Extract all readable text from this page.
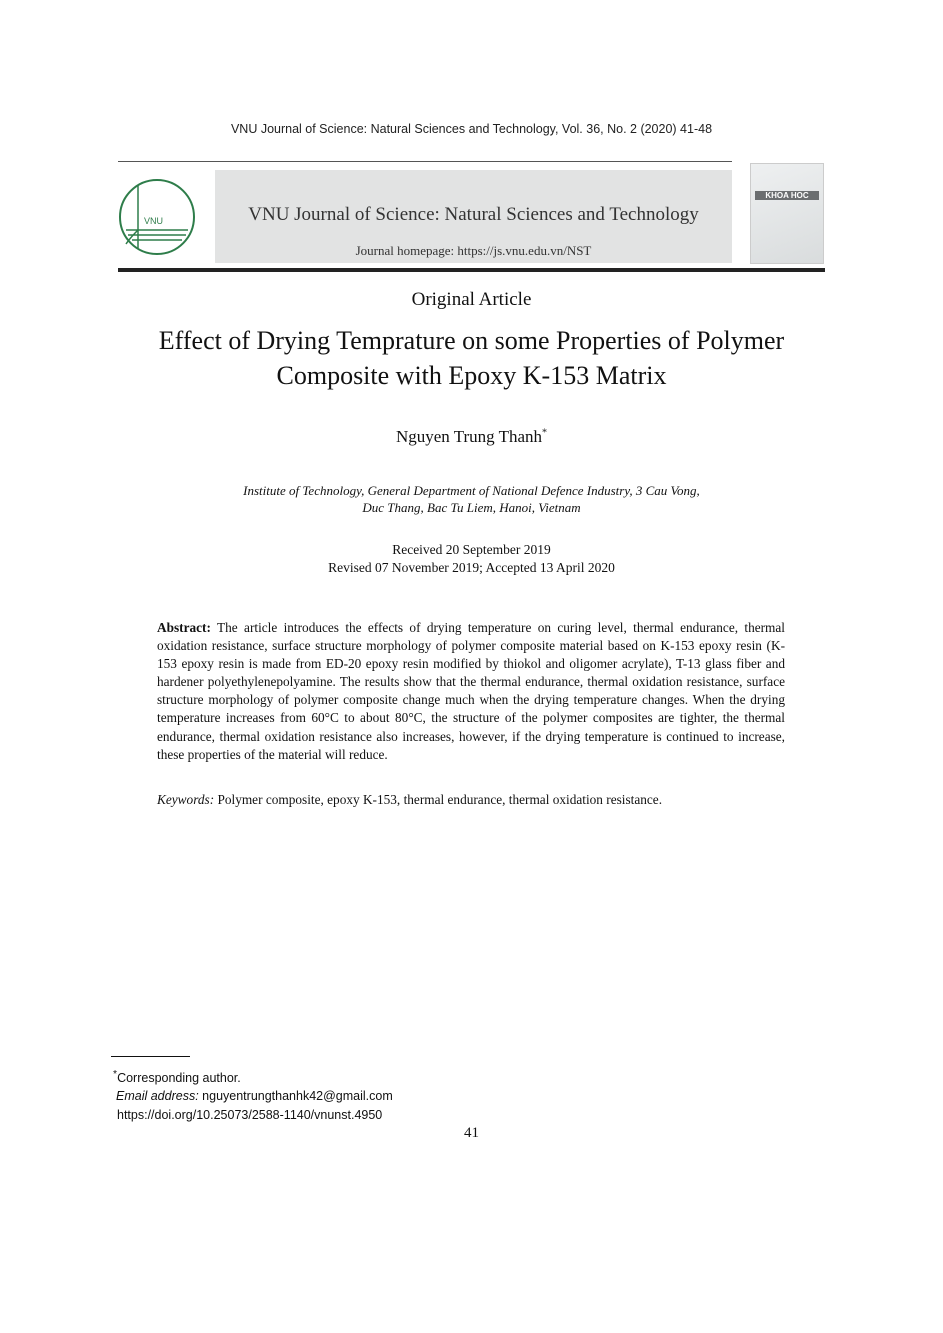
VNU Journal of Science: Natural Sciences and Technology, Vol. 36, No. 2 (2020) 41-48
VNU	VNU Journal of Science: Natural Sciences and Technology
Journal homepage: https://js.vnu.edu.vn/NST
KHOA HOC
Original Article
Effect of Drying Temprature on some Properties of Polymer
Composite with Epoxy K-153 Matrix
Nguyen Trung Thanh*
Institute of Technology, General Department of National Defence Industry, 3 Cau Vong,
Duc Thang, Bac Tu Liem, Hanoi, Vietnam
Received 20 September 2019
Revised 07 November 2019; Accepted 13 April 2020
Abstract: The article introduces the effects of drying temperature on curing level, thermal endurance, thermal oxidation resistance, surface structure morphology of polymer composite material based on K-153 epoxy resin (K-153 epoxy resin is made from ED-20 epoxy resin modified by thiokol and oligomer acrylate), T-13 glass fiber and hardener polyethylenepolyamine. The results show that the thermal endurance, thermal oxidation resistance, surface structure morphology of polymer composite change much when the drying temperature changes. When the drying temperature increases from 60°C to about 80°C, the structure of the polymer composites are tighter, the thermal endurance, thermal oxidation resistance also increases, however, if the drying temperature is continued to increase, these properties of the material will reduce.
Keywords: Polymer composite, epoxy K-153, thermal endurance, thermal oxidation resistance.
*Corresponding author.
Email address: nguyentrungthanhk42@gmail.com
https://doi.org/10.25073/2588-1140/vnunst.4950
41
